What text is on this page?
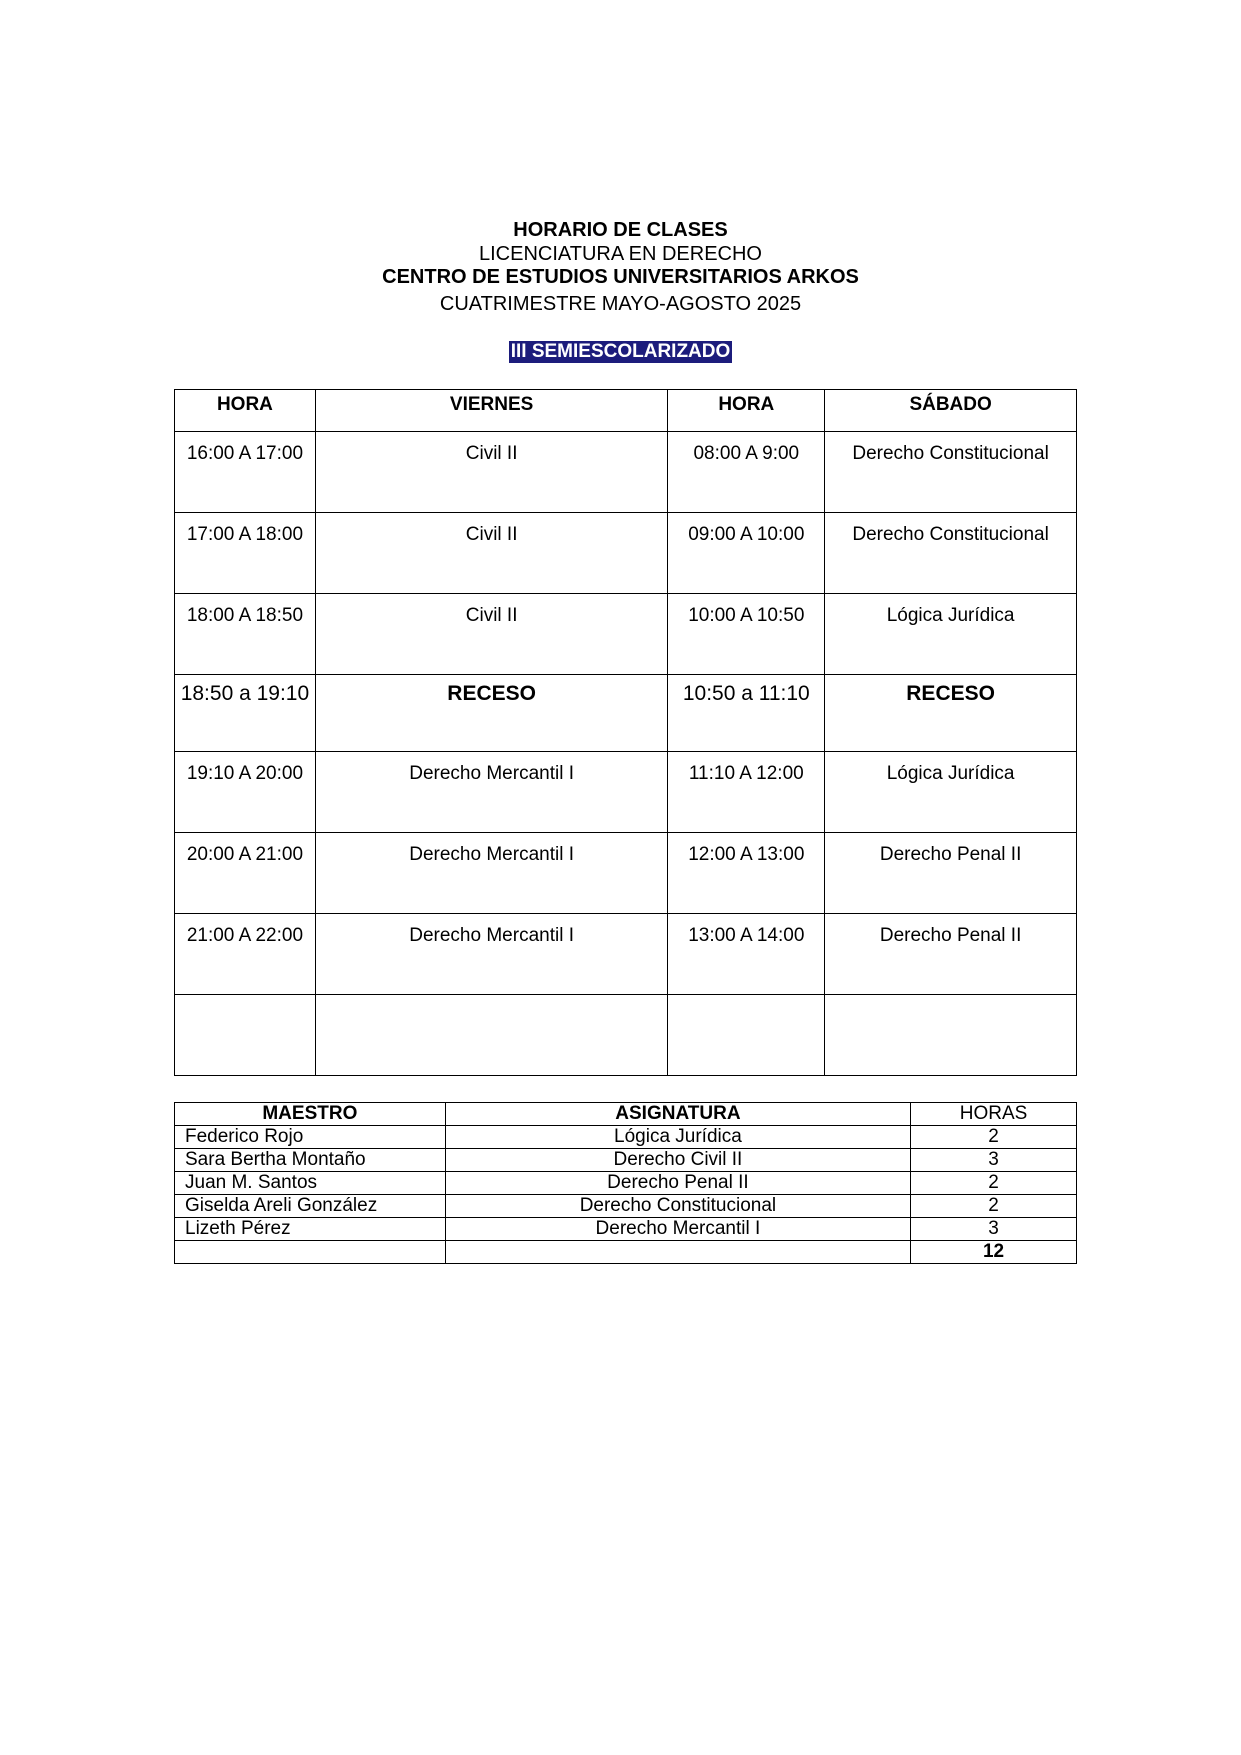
HORARIO DE CLASES
LICENCIATURA EN DERECHO
CENTRO DE ESTUDIOS UNIVERSITARIOS ARKOS
CUATRIMESTRE MAYO-AGOSTO 2025
III SEMIESCOLARIZADO
HORA	VIERNES	HORA	SÁBADO
16:00 A 17:00	Civil II	08:00 A 9:00	Derecho Constitucional
17:00 A 18:00	Civil II	09:00 A 10:00	Derecho Constitucional
18:00 A 18:50	Civil II	10:00 A 10:50	Lógica Jurídica
18:50 a 19:10	RECESO	10:50 a 11:10	RECESO
19:10 A 20:00	Derecho Mercantil I	11:10 A 12:00	Lógica Jurídica
20:00 A 21:00	Derecho Mercantil I	12:00 A 13:00	Derecho Penal II
21:00 A 22:00	Derecho Mercantil I	13:00 A 14:00	Derecho Penal II

MAESTRO	ASIGNATURA	HORAS
Federico Rojo	Lógica Jurídica	2
Sara Bertha Montaño	Derecho Civil II	3
Juan M. Santos	Derecho Penal II	2
Giselda Areli González	Derecho Constitucional	2
Lizeth Pérez	Derecho Mercantil I	3
		12
